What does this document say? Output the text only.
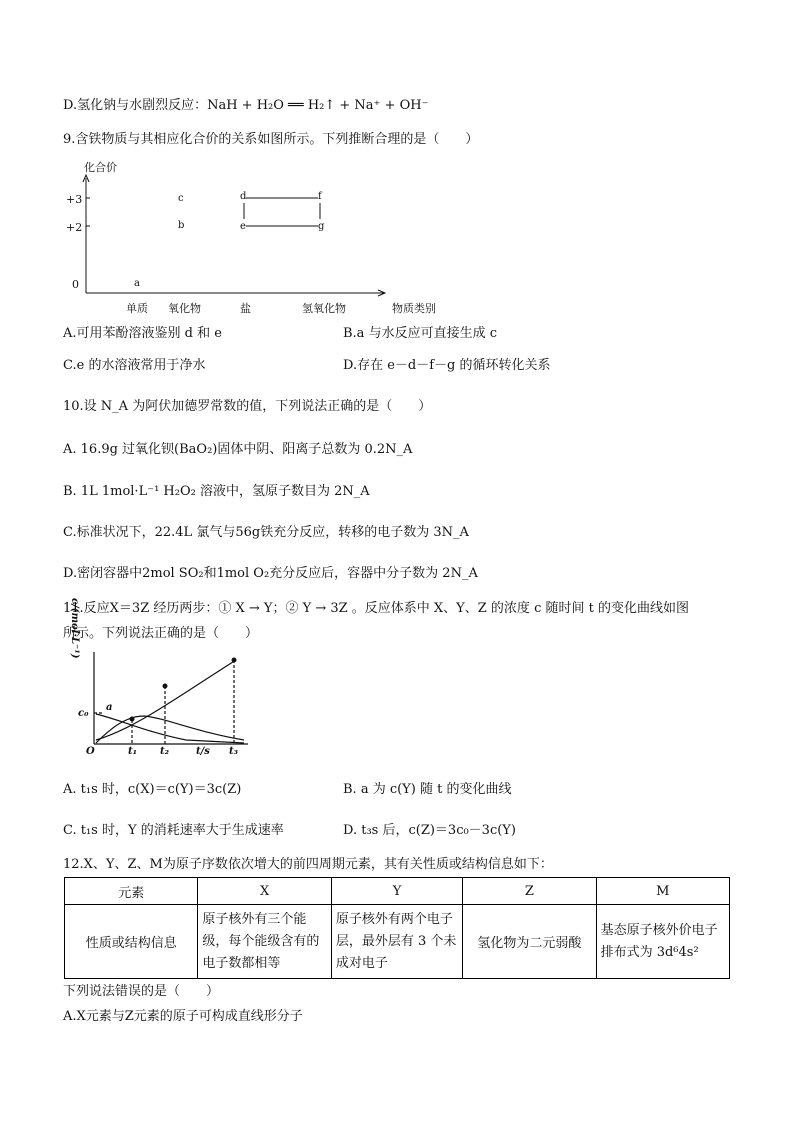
D.氢化钠与水剧烈反应：NaH + H₂O ══ H₂↑ + Na⁺ + OH⁻
9.含铁物质与其相应化合价的关系如图所示。下列推断合理的是（　　）
化合价
+3
+2
0
单质 氧化物	盐	氢氧化物	物质类别
a
b
c	d
e
f
g
A.可用苯酚溶液鉴别 d 和 e	B.a 与水反应可直接生成 c
C.e 的水溶液常用于净水	D.存在 e－d－f－g 的循环转化关系
10.设 N_A 为阿伏加德罗常数的值，下列说法正确的是（　　）
A. 16.9g 过氧化钡(BaO₂)固体中阴、阳离子总数为 0.2N_A
B. 1L 1mol·L⁻¹ H₂O₂ 溶液中，氢原子数目为 2N_A
C.标准状况下，22.4L 氯气与56g铁充分反应，转移的电子数为 3N_A
D.密闭容器中2mol SO₂和1mol O₂充分反应后，容器中分子数为 2N_A
11.反应X＝3Z 经历两步：① X → Y；② Y → 3Z 。反应体系中 X、Y、Z 的浓度 c 随时间 t 的变化曲线如图
所示。下列说法正确的是（　　）
c/(mol·L⁻¹)
c₀
a
O	t₁ t₂	t/s t₃
A. t₁s 时，c(X)＝c(Y)＝3c(Z)	B. a 为 c(Y) 随 t 的变化曲线
C. t₁s 时，Y 的消耗速率大于生成速率	D. t₃s 后，c(Z)＝3c₀－3c(Y)
12.X、Y、Z、M为原子序数依次增大的前四周期元素，其有关性质或结构信息如下：
元素	X	Y	Z	M
性质或结构信息	原子核外有三个能级，每个能级含有的电子数都相等	原子核外有两个电子层，最外层有 3 个未成对电子	氢化物为二元弱酸	基态原子核外价电子排布式为 3d⁶4s²
下列说法错误的是（　　）
A.X元素与Z元素的原子可构成直线形分子
